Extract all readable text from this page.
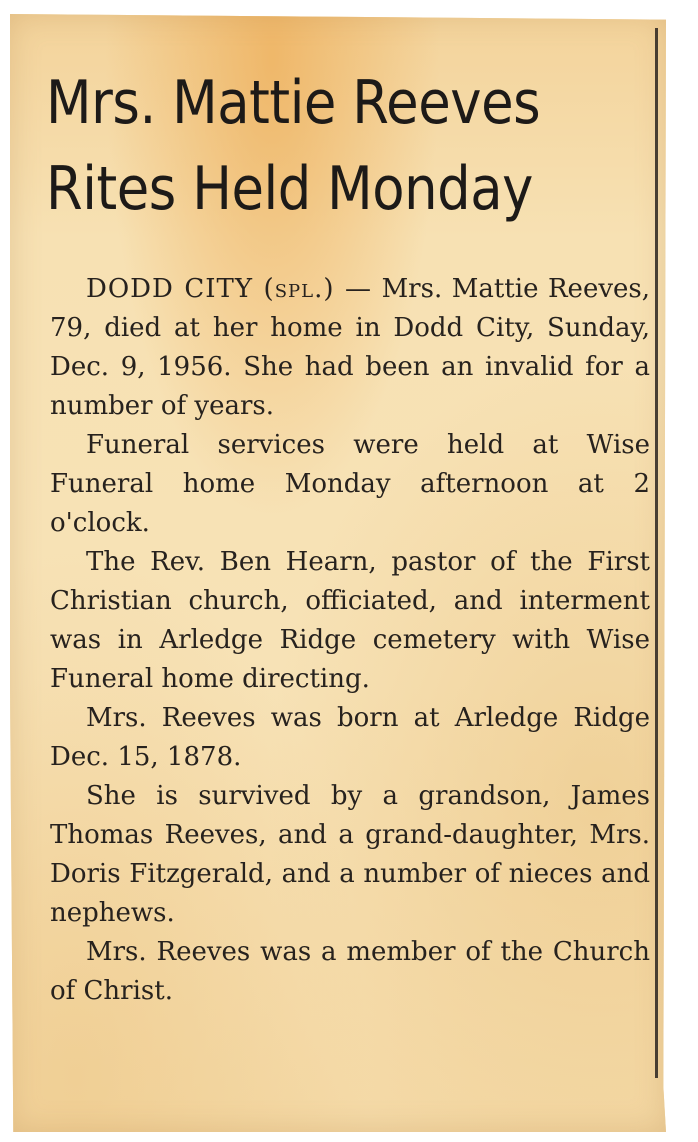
Mrs. Mattie Reeves
Rites Held Monday

DODD CITY (spl.) — Mrs. Mattie Reeves, 79, died at her home in Dodd City, Sunday, Dec. 9, 1956. She had been an invalid for a number of years.

Funeral services were held at Wise Funeral home Monday afternoon at 2 o'clock.

The Rev. Ben Hearn, pastor of the First Christian church, officiated, and interment was in Arledge Ridge cemetery with Wise Funeral home directing.

Mrs. Reeves was born at Arledge Ridge Dec. 15, 1878.

She is survived by a grandson, James Thomas Reeves, and a grand-daughter, Mrs. Doris Fitzgerald, and a number of nieces and nephews.

Mrs. Reeves was a member of the Church of Christ.
